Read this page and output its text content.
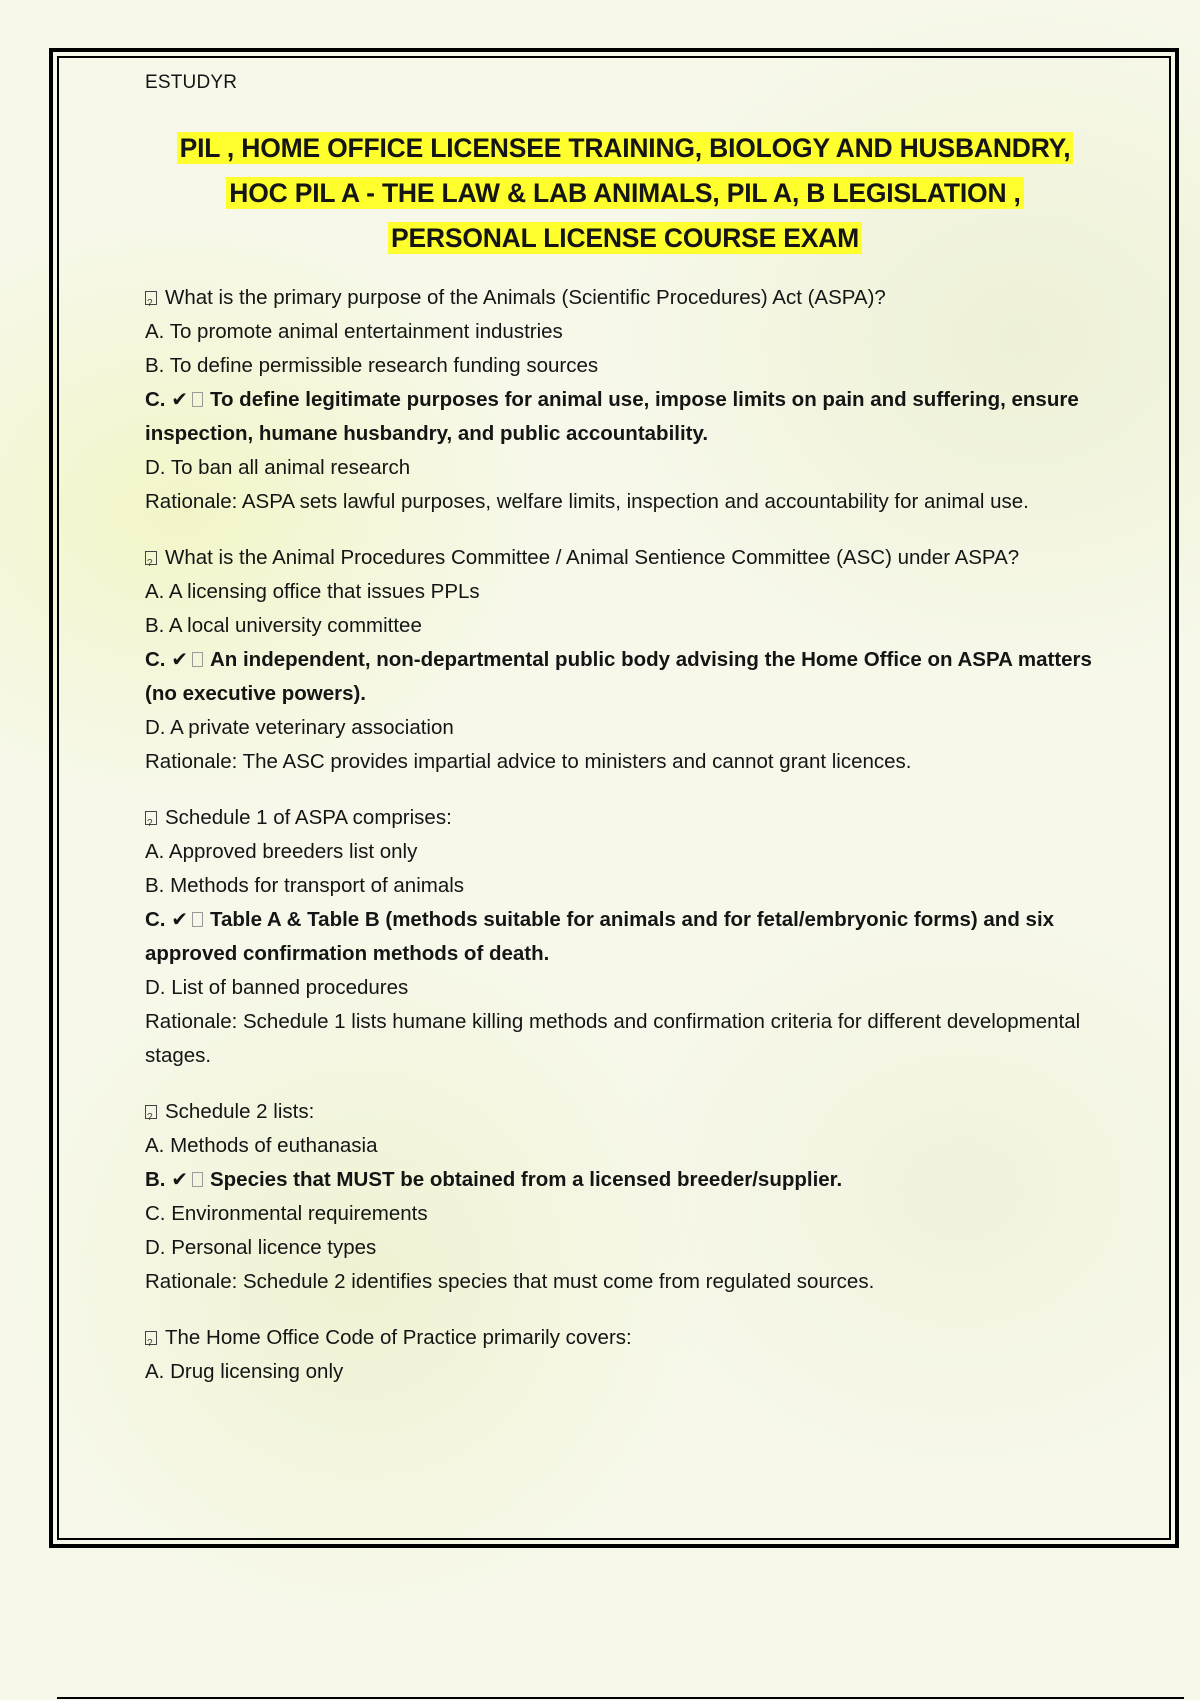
ESTUDYR
PIL , HOME OFFICE LICENSEE TRAINING, BIOLOGY AND HUSBANDRY,
HOC PIL A - THE LAW & LAB ANIMALS, PIL A, B LEGISLATION ,
PERSONAL LICENSE COURSE EXAM
?
What is the primary purpose of the Animals (Scientific Procedures) Act (ASPA)?
A. To promote animal entertainment industries
B. To define permissible research funding sources
C. ✔ To define legitimate purposes for animal use, impose limits on pain and suffering, ensure inspection, humane husbandry, and public accountability.
D. To ban all animal research
Rationale: ASPA sets lawful purposes, welfare limits, inspection and accountability for animal use.
?
What is the Animal Procedures Committee / Animal Sentience Committee (ASC) under ASPA?
A. A licensing office that issues PPLs
B. A local university committee
C. ✔ An independent, non-departmental public body advising the Home Office on ASPA matters (no executive powers).
D. A private veterinary association
Rationale: The ASC provides impartial advice to ministers and cannot grant licences.
?
Schedule 1 of ASPA comprises:
A. Approved breeders list only
B. Methods for transport of animals
C. ✔ Table A & Table B (methods suitable for animals and for fetal/embryonic forms) and six approved confirmation methods of death.
D. List of banned procedures
Rationale: Schedule 1 lists humane killing methods and confirmation criteria for different developmental stages.
?
Schedule 2 lists:
A. Methods of euthanasia
B. ✔ Species that MUST be obtained from a licensed breeder/supplier.
C. Environmental requirements
D. Personal licence types
Rationale: Schedule 2 identifies species that must come from regulated sources.
?
The Home Office Code of Practice primarily covers:
A. Drug licensing only
